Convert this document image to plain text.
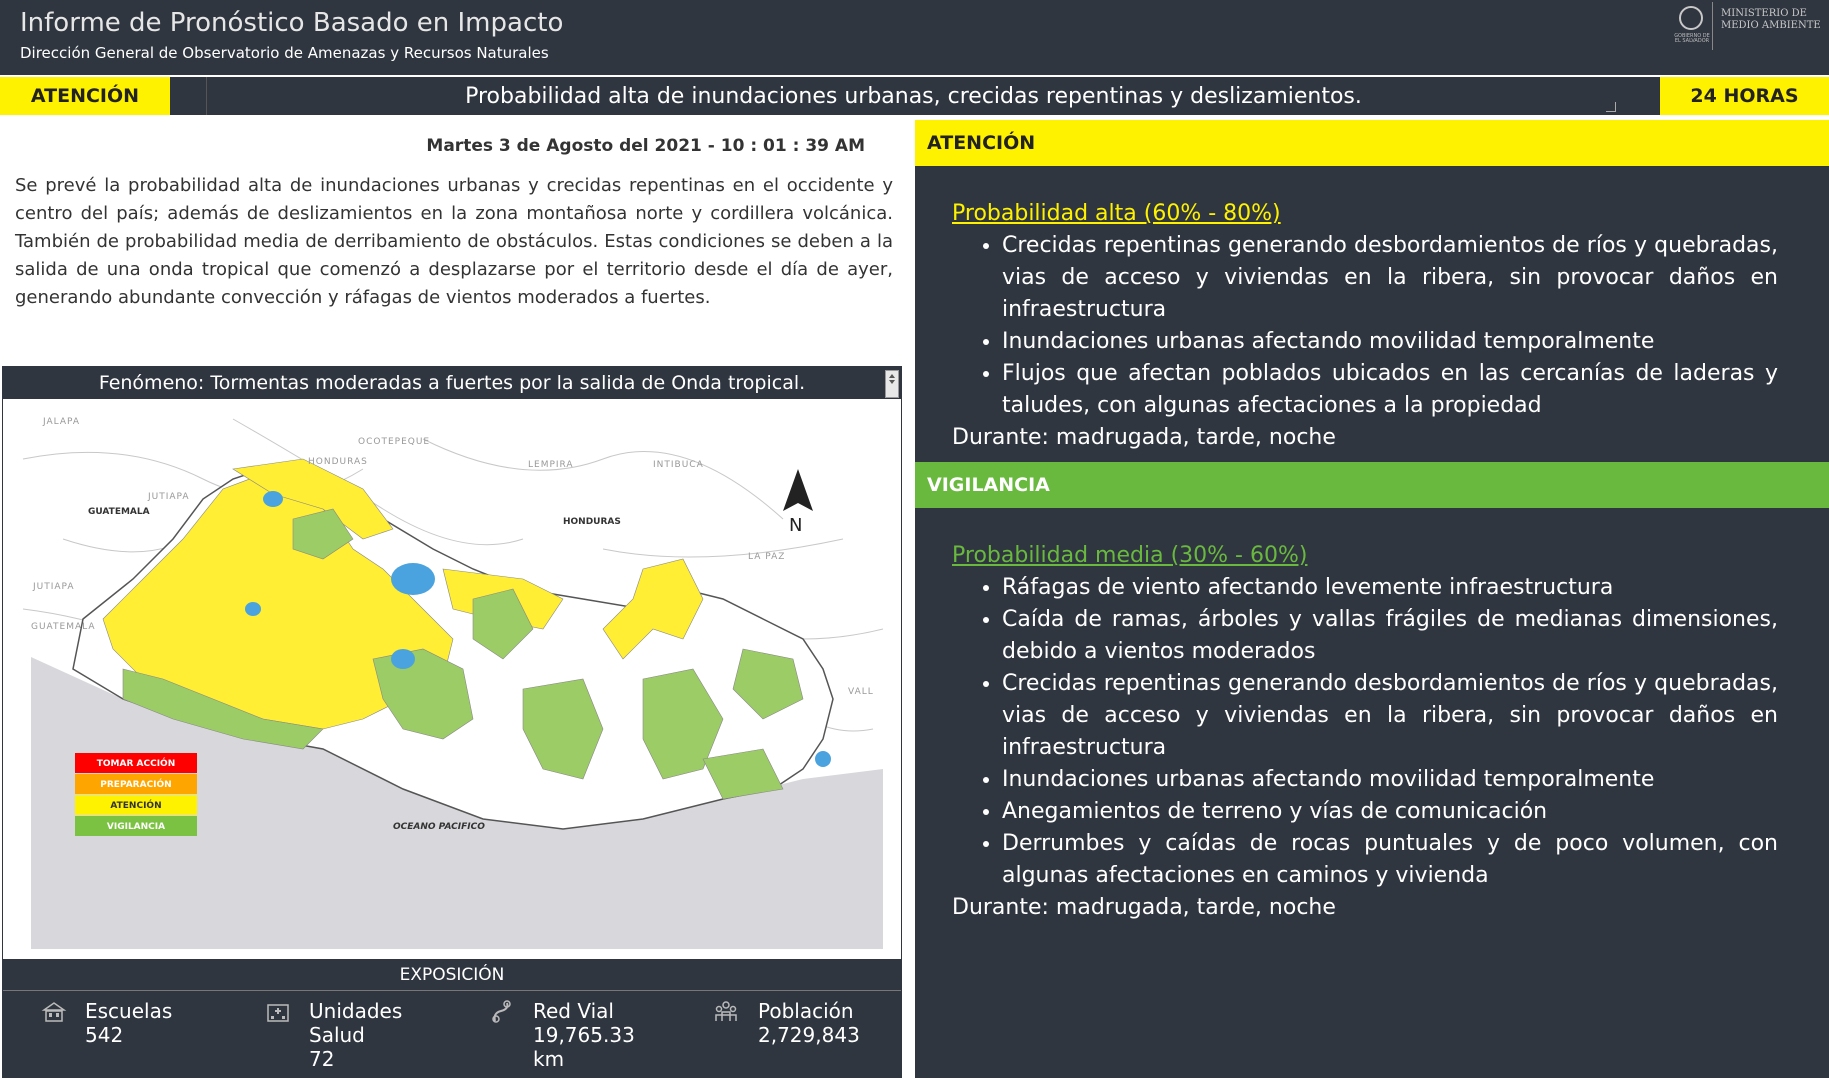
Informe de Pronóstico Basado en Impacto
Dirección General de Observatorio de Amenazas y Recursos Naturales
GOBIERNO DE EL SALVADOR
MINISTERIO DE
MEDIO AMBIENTE
ATENCIÓN	Probabilidad alta de inundaciones urbanas, crecidas repentinas y deslizamientos.	24 HORAS
Martes 3 de Agosto del 2021 - 10 : 01 : 39 AM
Se prevé la probabilidad alta de inundaciones urbanas y crecidas repentinas en el occidente y centro del país; además de deslizamientos en la zona montañosa norte y cordillera volcánica. También de probabilidad media de derribamiento de obstáculos. Estas condiciones se deben a la salida de una onda tropical que comenzó a desplazarse por el territorio desde el día de ayer, generando abundante convección y ráfagas de vientos moderados a fuertes.
Fenómeno: Tormentas moderadas a fuertes por la salida de Onda tropical.
JALAPA
OCOTEPEQUE
HONDURAS	LEMPIRA	INTIBUCA
JUTIAPA
LA PAZ
JUTIAPA
GUATEMALA
VALL
GUATEMALA
HONDURAS
OCEANO PACIFICO
N
TOMAR ACCIÓN
PREPARACIÓN
ATENCIÓN
VIGILANCIA
EXPOSICIÓN
Escuelas
542
Unidades
Salud
72
Red Vial
19,765.33
km
Población
2,729,843
ATENCIÓN
Probabilidad alta (60% - 80%)
• Crecidas repentinas generando desbordamientos de ríos y quebradas, vias de acceso y viviendas en la ribera, sin provocar daños en infraestructura
• Inundaciones urbanas afectando movilidad temporalmente
• Flujos que afectan poblados ubicados en las cercanías de laderas y taludes, con algunas afectaciones a la propiedad
Durante: madrugada, tarde, noche
VIGILANCIA
Probabilidad media (30% - 60%)
• Ráfagas de viento afectando levemente infraestructura
• Caída de ramas, árboles y vallas frágiles de medianas dimensiones, debido a vientos moderados
• Crecidas repentinas generando desbordamientos de ríos y quebradas, vias de acceso y viviendas en la ribera, sin provocar daños en infraestructura
• Inundaciones urbanas afectando movilidad temporalmente
• Anegamientos de terreno y vías de comunicación
• Derrumbes y caídas de rocas puntuales y de poco volumen, con algunas afectaciones en caminos y vivienda
Durante: madrugada, tarde, noche
